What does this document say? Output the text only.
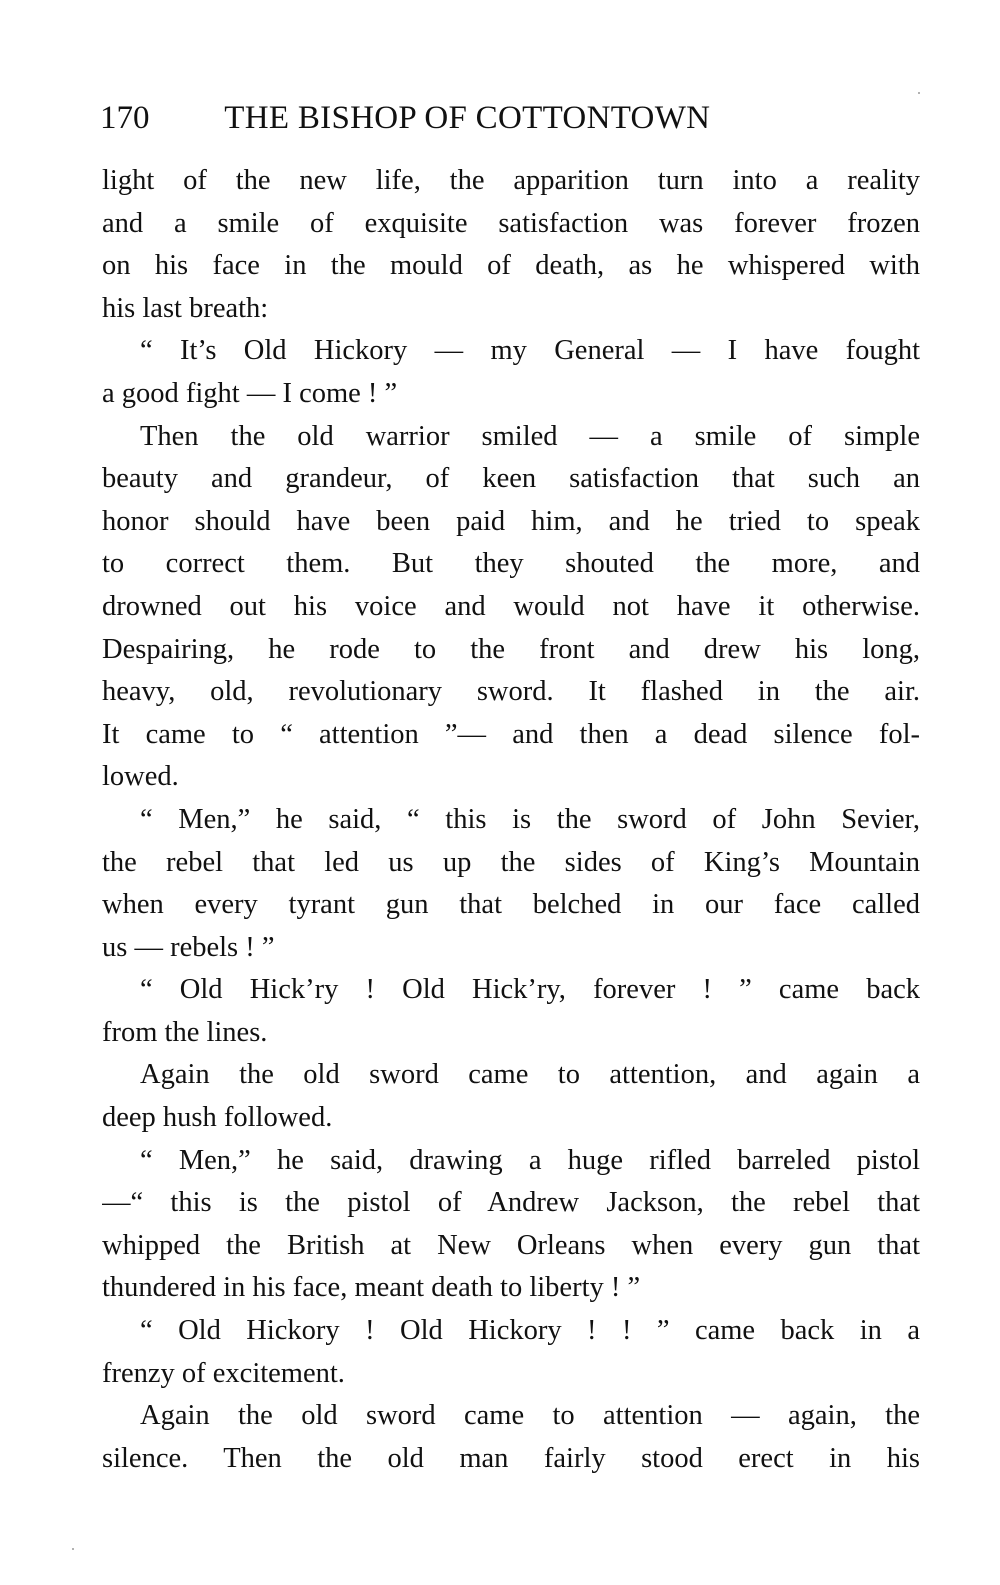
170 THE BISHOP OF COTTONTOWN
light of the new life, the apparition turn into a reality
and a smile of exquisite satisfaction was forever frozen
on his face in the mould of death, as he whispered with
his last breath:
“ It’s Old Hickory — my General — I have fought
a good fight — I come ! ”
Then the old warrior smiled — a smile of simple
beauty and grandeur, of keen satisfaction that such an
honor should have been paid him, and he tried to speak
to correct them. But they shouted the more, and
drowned out his voice and would not have it otherwise.
Despairing, he rode to the front and drew his long,
heavy, old, revolutionary sword. It flashed in the air.
It came to “ attention ”— and then a dead silence fol-
lowed.
“ Men,” he said, “ this is the sword of John Sevier,
the rebel that led us up the sides of King’s Mountain
when every tyrant gun that belched in our face called
us — rebels ! ”
“ Old Hick’ry ! Old Hick’ry, forever ! ” came back
from the lines.
Again the old sword came to attention, and again a
deep hush followed.
“ Men,” he said, drawing a huge rifled barreled pistol
—“ this is the pistol of Andrew Jackson, the rebel that
whipped the British at New Orleans when every gun that
thundered in his face, meant death to liberty ! ”
“ Old Hickory ! Old Hickory ! ! ” came back in a
frenzy of excitement.
Again the old sword came to attention — again, the
silence. Then the old man fairly stood erect in his
